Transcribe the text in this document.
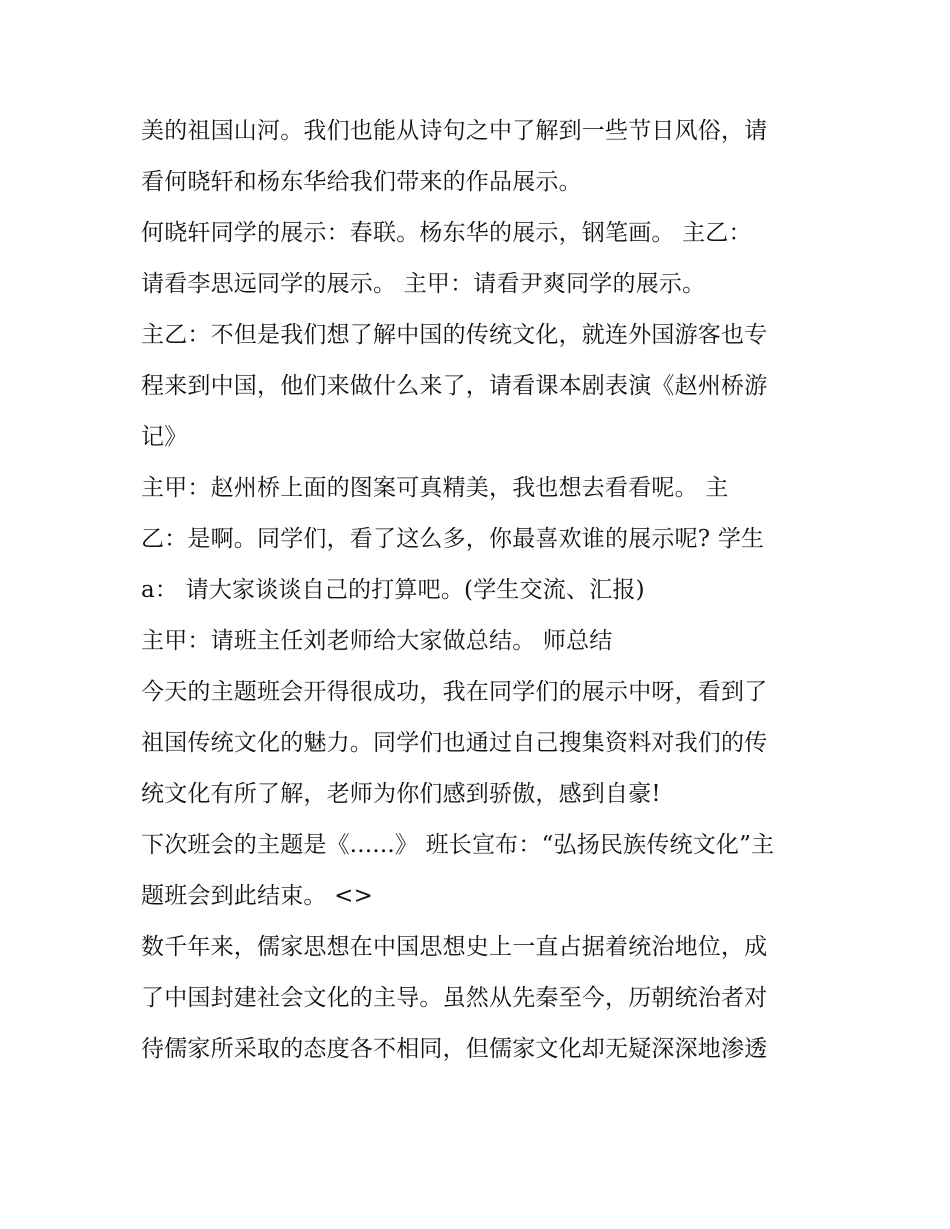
美的祖国山河。我们也能从诗句之中了解到一些节日风俗，请
看何晓轩和杨东华给我们带来的作品展示。
何晓轩同学的展示：春联。杨东华的展示，钢笔画。 主乙：
请看李思远同学的展示。 主甲：请看尹爽同学的展示。
主乙：不但是我们想了解中国的传统文化，就连外国游客也专
程来到中国，他们来做什么来了，请看课本剧表演《赵州桥游
记》
主甲：赵州桥上面的图案可真精美，我也想去看看呢。 主
乙：是啊。同学们，看了这么多，你最喜欢谁的展示呢? 学生
a： 请大家谈谈自己的打算吧。(学生交流、汇报)
主甲：请班主任刘老师给大家做总结。 师总结
今天的主题班会开得很成功，我在同学们的展示中呀，看到了
祖国传统文化的魅力。同学们也通过自己搜集资料对我们的传
统文化有所了解，老师为你们感到骄傲，感到自豪!
下次班会的主题是《......》 班长宣布：“弘扬民族传统文化”主
题班会到此结束。 <>
数千年来，儒家思想在中国思想史上一直占据着统治地位，成
了中国封建社会文化的主导。虽然从先秦至今，历朝统治者对
待儒家所采取的态度各不相同，但儒家文化却无疑深深地渗透
